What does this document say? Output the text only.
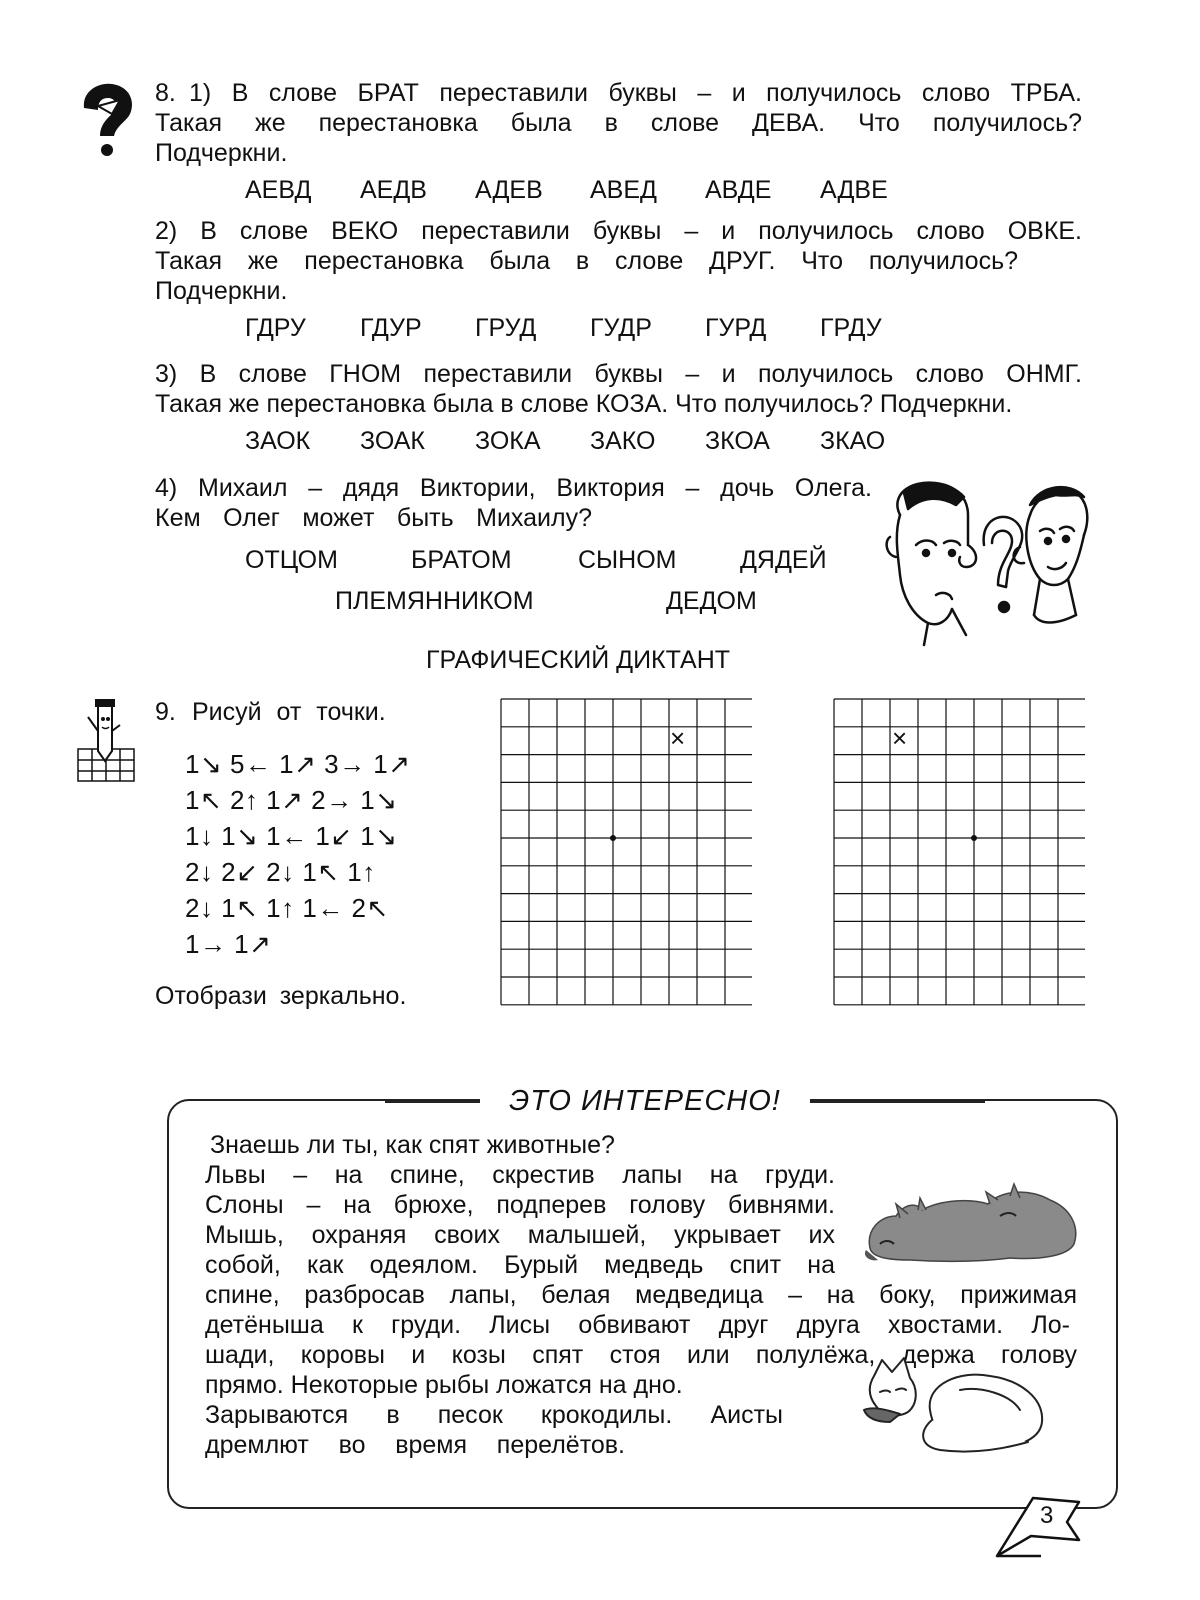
8. 1) В слове БРАТ переставили буквы – и получилось слово ТРБА.
Такая же перестановка была в слове ДЕВА. Что получилось?
Подчеркни.
АЕВД	АЕДВ	АДЕВ	АВЕД	АВДЕ	АДВЕ
2) В слове ВЕКО переставили буквы – и получилось слово ОВКЕ.
Такая же перестановка была в слове ДРУГ. Что получилось?
Подчеркни.
ГДРУ	ГДУР	ГРУД	ГУДР	ГУРД	ГРДУ
3) В слове ГНОМ переставили буквы – и получилось слово ОНМГ.
Такая же перестановка была в слове КОЗА. Что получилось? Подчеркни.
ЗАОК	ЗОАК	ЗОКА	ЗАКО	ЗКОА	ЗКАО
4) Михаил – дядя Виктории, Виктория – дочь Олега.
Кем Олег может быть Михаилу?
ОТЦОМ	БРАТОМ	СЫНОМ	ДЯДЕЙ
ПЛЕМЯННИКОМ	ДЕДОМ
ГРАФИЧЕСКИЙ ДИКТАНТ
9. Рисуй от точки.
1↘ 5← 1↗ 3→ 1↗
1↖ 2↑ 1↗ 2→ 1↘
1↓ 1↘ 1← 1↙ 1↘
2↓ 2↙ 2↓ 1↖ 1↑
2↓ 1↖ 1↑ 1← 2↖
1→ 1↗
Отобрази зеркально.
×	×
ЭТО ИНТЕРЕСНО!
Знаешь ли ты, как спят животные?
Львы – на спине, скрестив лапы на груди.
Слоны – на брюхе, подперев голову бивнями.
Мышь, охраняя своих малышей, укрывает их
собой, как одеялом. Бурый медведь спит на
спине, разбросав лапы, белая медведица – на боку, прижимая
детёныша к груди. Лисы обвивают друг друга хвостами. Ло-
шади, коровы и козы спят стоя или полулёжа, держа голову
прямо. Некоторые рыбы ложатся на дно.
Зарываются в песок крокодилы. Аисты
дремлют во время перелётов.
3
